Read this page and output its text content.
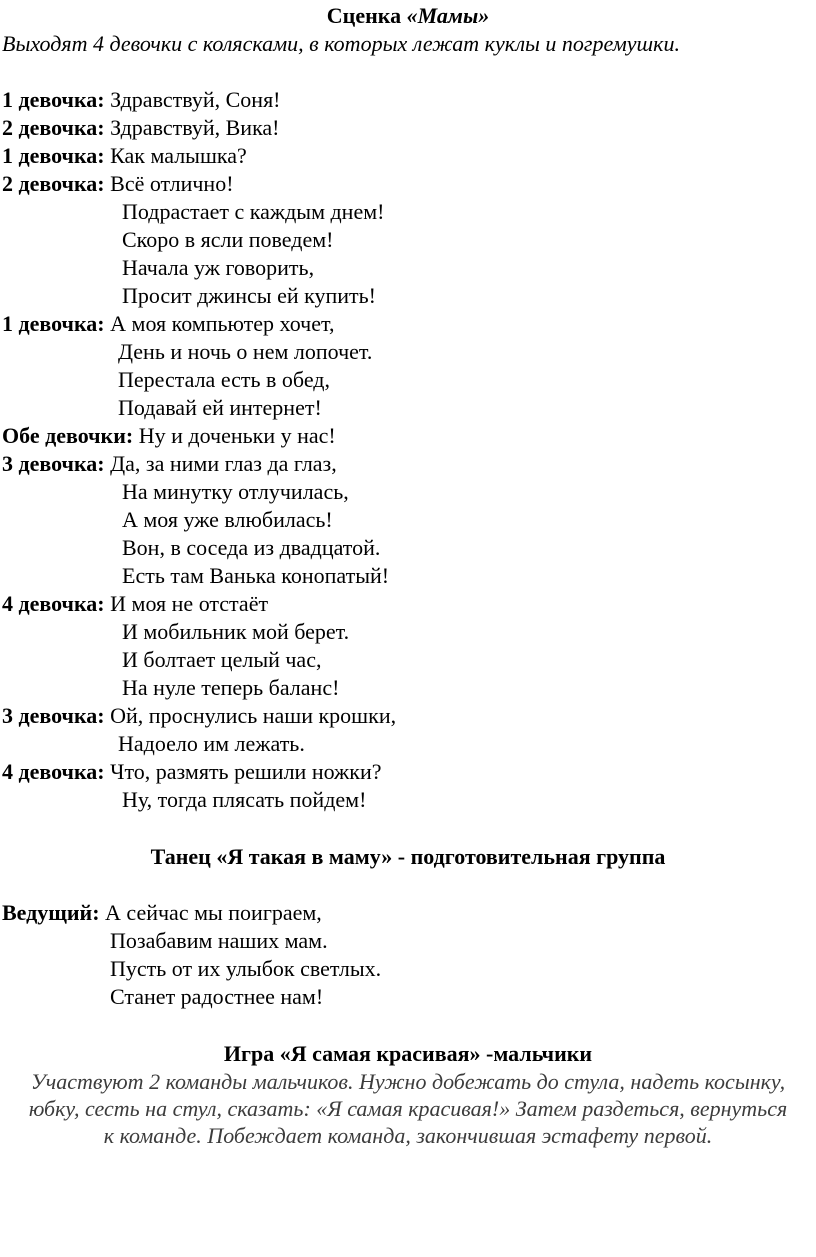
Сценка «Мамы»
Выходят 4 девочки с колясками, в которых лежат куклы и погремушки.
1 девочка: Здравствуй, Соня!
2 девочка: Здравствуй, Вика!
1 девочка: Как малышка?
2 девочка: Всё отлично!
Подрастает с каждым днем!
Скоро в ясли поведем!
Начала уж говорить,
Просит джинсы ей купить!
1 девочка: А моя компьютер хочет,
День и ночь о нем лопочет.
Перестала есть в обед,
Подавай ей интернет!
Обе девочки: Ну и доченьки у нас!
3 девочка: Да, за ними глаз да глаз,
На минутку отлучилась,
А моя уже влюбилась!
Вон, в соседа из двадцатой.
Есть там Ванька конопатый!
4 девочка: И моя не отстаёт
И мобильник мой берет.
И болтает целый час,
На нуле теперь баланс!
3 девочка: Ой, проснулись наши крошки,
Надоело им лежать.
4 девочка: Что, размять решили ножки?
Ну, тогда плясать пойдем!
Танец «Я такая в маму» - подготовительная группа
Ведущий: А сейчас мы поиграем,
Позабавим наших мам.
Пусть от их улыбок светлых.
Станет радостнее нам!
Игра «Я самая красивая» -мальчики
Участвуют 2 команды мальчиков. Нужно добежать до стула, надеть косынку, юбку, сесть на стул, сказать: «Я самая красивая!» Затем раздеться, вернуться к команде. Побеждает команда, закончившая эстафету первой.
